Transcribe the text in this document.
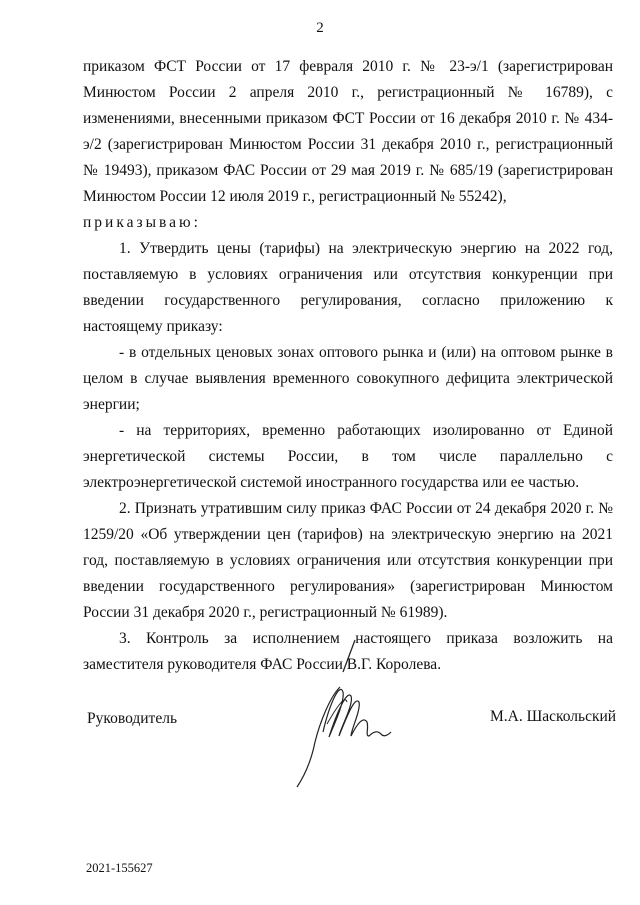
2

приказом ФСТ России от 17 февраля 2010 г. № 23-э/1 (зарегистрирован Минюстом России 2 апреля 2010 г., регистрационный № 16789), с изменениями, внесенными приказом ФСТ России от 16 декабря 2010 г. № 434-э/2 (зарегистрирован Минюстом России 31 декабря 2010 г., регистрационный № 19493), приказом ФАС России от 29 мая 2019 г. № 685/19 (зарегистрирован Минюстом России 12 июля 2019 г., регистрационный № 55242),

приказываю:

1. Утвердить цены (тарифы) на электрическую энергию на 2022 год, поставляемую в условиях ограничения или отсутствия конкуренции при введении государственного регулирования, согласно приложению к настоящему приказу:

- в отдельных ценовых зонах оптового рынка и (или) на оптовом рынке в целом в случае выявления временного совокупного дефицита электрической энергии;

- на территориях, временно работающих изолированно от Единой энергетической системы России, в том числе параллельно с электроэнергетической системой иностранного государства или ее частью.

2. Признать утратившим силу приказ ФАС России от 24 декабря 2020 г. № 1259/20 «Об утверждении цен (тарифов) на электрическую энергию на 2021 год, поставляемую в условиях ограничения или отсутствия конкуренции при введении государственного регулирования» (зарегистрирован Минюстом России 31 декабря 2020 г., регистрационный № 61989).

3. Контроль за исполнением настоящего приказа возложить на заместителя руководителя ФАС России В.Г. Королева.

Руководитель	М.А. Шаскольский
2021-155627
